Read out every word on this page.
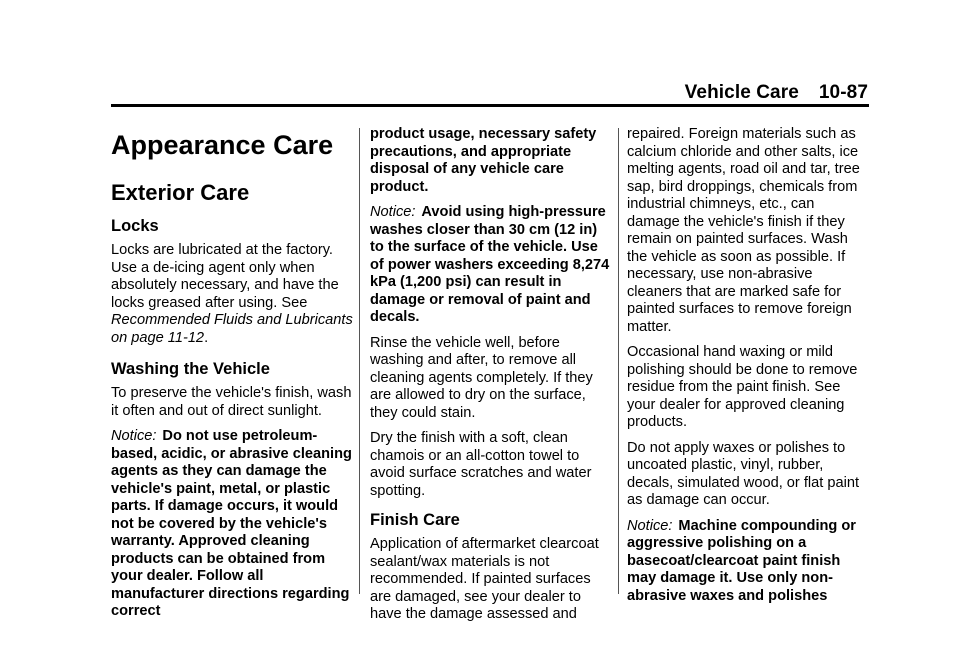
Vehicle Care 10-87
Appearance Care
Exterior Care
Locks

Locks are lubricated at the factory. Use a de-icing agent only when absolutely necessary, and have the locks greased after using. See Recommended Fluids and Lubricants on page 11-12.

Washing the Vehicle

To preserve the vehicle's finish, wash it often and out of direct sunlight.

Notice: Do not use petroleum-based, acidic, or abrasive cleaning agents as they can damage the vehicle's paint, metal, or plastic parts. If damage occurs, it would not be covered by the vehicle's warranty. Approved cleaning products can be obtained from your dealer. Follow all manufacturer directions regarding correct

product usage, necessary safety precautions, and appropriate disposal of any vehicle care product.

Notice: Avoid using high-pressure washes closer than 30 cm (12 in) to the surface of the vehicle. Use of power washers exceeding 8,274 kPa (1,200 psi) can result in damage or removal of paint and decals.

Rinse the vehicle well, before washing and after, to remove all cleaning agents completely. If they are allowed to dry on the surface, they could stain.

Dry the finish with a soft, clean chamois or an all-cotton towel to avoid surface scratches and water spotting.

Finish Care

Application of aftermarket clearcoat sealant/wax materials is not recommended. If painted surfaces are damaged, see your dealer to have the damage assessed and

repaired. Foreign materials such as calcium chloride and other salts, ice melting agents, road oil and tar, tree sap, bird droppings, chemicals from industrial chimneys, etc., can damage the vehicle's finish if they remain on painted surfaces. Wash the vehicle as soon as possible. If necessary, use non-abrasive cleaners that are marked safe for painted surfaces to remove foreign matter.

Occasional hand waxing or mild polishing should be done to remove residue from the paint finish. See your dealer for approved cleaning products.

Do not apply waxes or polishes to uncoated plastic, vinyl, rubber, decals, simulated wood, or flat paint as damage can occur.

Notice: Machine compounding or aggressive polishing on a basecoat/clearcoat paint finish may damage it. Use only non-abrasive waxes and polishes
